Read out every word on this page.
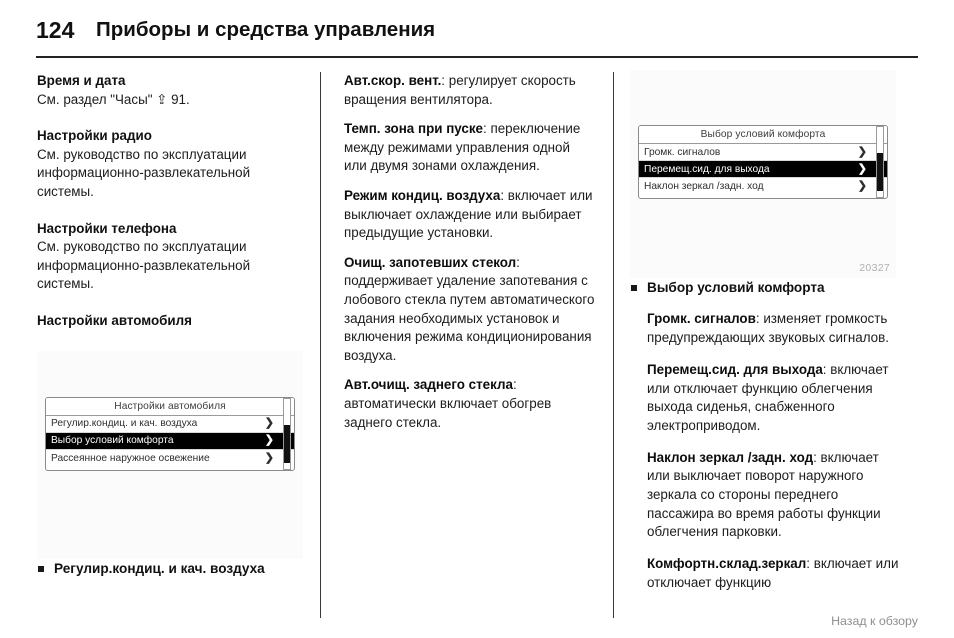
124 Приборы и средства управления
Время и дата
См. раздел "Часы" ⇪ 91.
Настройки радио
См. руководство по эксплуатации информационно-развлекательной системы.
Настройки телефона
См. руководство по эксплуатации информационно-развлекательной системы.
Настройки автомобиля
Настройки автомобиля
Регулир.кондиц. и кач. воздуха	❯
Выбор условий комфорта	❯
Рассеянное наружное освежение	❯
Регулир.кондиц. и кач. воздуха

Авт.скор. вент.: регулирует скорость вращения вентилятора.

Темп. зона при пуске: переключение между режимами управления одной или двумя зонами охлаждения.

Режим кондиц. воздуха: включает или выключает охлаждение или выбирает предыдущие установки.

Очищ. запотевших стекол: поддерживает удаление запотевания с лобового стекла путем автоматического задания необходимых установок и включения режима кондиционирования воздуха.

Авт.очищ. заднего стекла: автоматически включает обогрев заднего стекла.

Выбор условий комфорта
Громк. сигналов	❯
Перемещ.сид. для выхода	❯
Наклон зеркал /задн. ход	❯
20327
Выбор условий комфорта

Громк. сигналов: изменяет громкость предупреждающих звуковых сигналов.

Перемещ.сид. для выхода: включает или отключает функцию облегчения выхода сиденья, снабженного электроприводом.

Наклон зеркал /задн. ход: включает или выключает поворот наружного зеркала со стороны переднего пассажира во время работы функции облегчения парковки.

Комфортн.склад.зеркал: включает или отключает функцию

Назад к обзору
